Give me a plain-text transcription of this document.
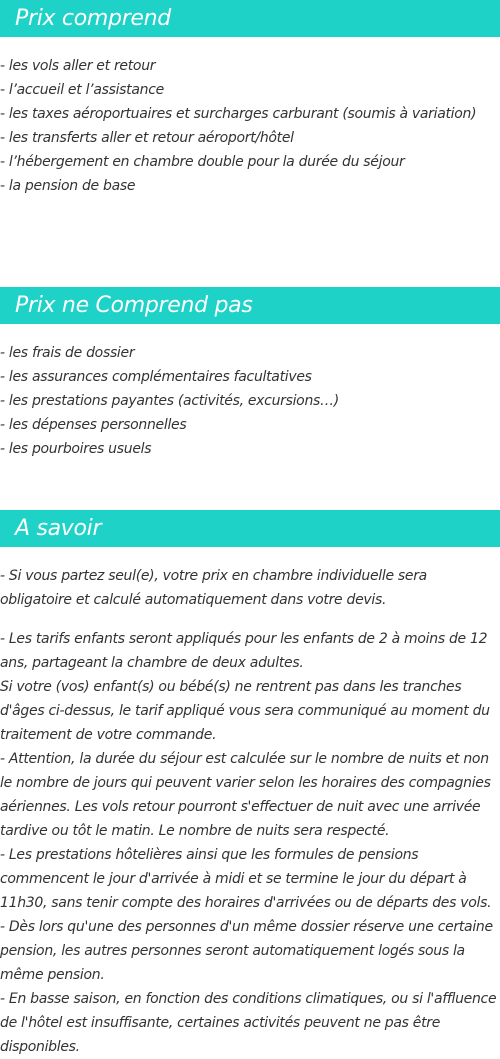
Prix comprend
- les vols aller et retour
- l’accueil et l’assistance
- les taxes aéroportuaires et surcharges carburant (soumis à variation)
- les transferts aller et retour aéroport/hôtel
- l’hébergement en chambre double pour la durée du séjour
- la pension de base
Prix ne Comprend pas
- les frais de dossier
- les assurances complémentaires facultatives
- les prestations payantes (activités, excursions…)
- les dépenses personnelles
- les pourboires usuels
A savoir

- Si vous partez seul(e), votre prix en chambre individuelle sera obligatoire et calculé automatiquement dans votre devis.

- Les tarifs enfants seront appliqués pour les enfants de 2 à moins de 12 ans, partageant la chambre de deux adultes.

Si votre (vos) enfant(s) ou bébé(s) ne rentrent pas dans les tranches d'âges ci-dessus, le tarif appliqué vous sera communiqué au moment du traitement de votre commande.

- Attention, la durée du séjour est calculée sur le nombre de nuits et non le nombre de jours qui peuvent varier selon les horaires des compagnies aériennes. Les vols retour pourront s'effectuer de nuit avec une arrivée tardive ou tôt le matin. Le nombre de nuits sera respecté.

- Les prestations hôtelières ainsi que les formules de pensions commencent le jour d'arrivée à midi et se termine le jour du départ à 11h30, sans tenir compte des horaires d'arrivées ou de départs des vols.

- Dès lors qu'une des personnes d'un même dossier réserve une certaine pension, les autres personnes seront automatiquement logés sous la même pension.

- En basse saison, en fonction des conditions climatiques, ou si l'affluence de l'hôtel est insuffisante, certaines activités peuvent ne pas être disponibles.
